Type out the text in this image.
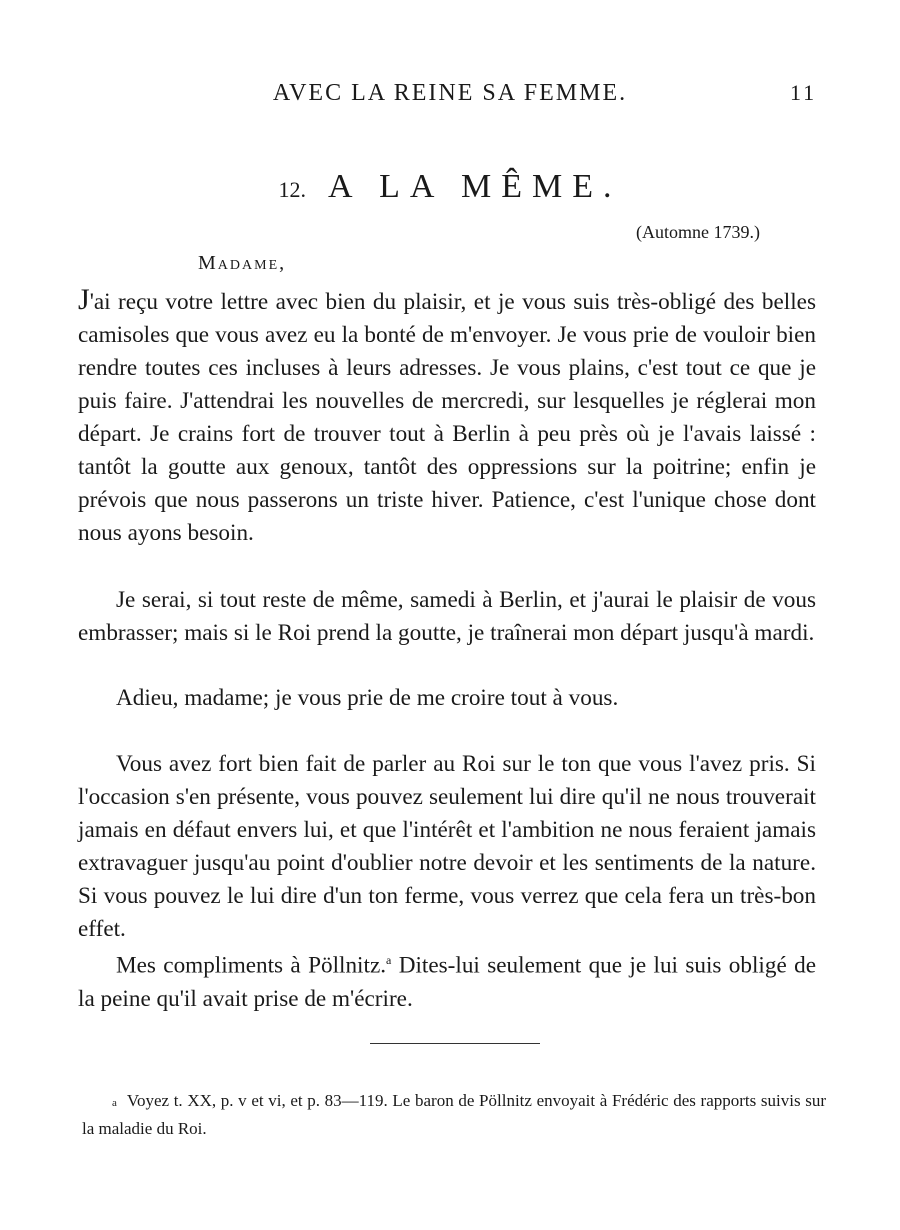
AVEC LA REINE SA FEMME.	11
12. A LA MÊME.
(Automne 1739.)
Madame,

J'ai reçu votre lettre avec bien du plaisir, et je vous suis très-obligé des belles camisoles que vous avez eu la bonté de m'envoyer. Je vous prie de vouloir bien rendre toutes ces incluses à leurs adresses. Je vous plains, c'est tout ce que je puis faire. J'attendrai les nouvelles de mercredi, sur lesquelles je réglerai mon départ. Je crains fort de trouver tout à Berlin à peu près où je l'avais laissé : tantôt la goutte aux genoux, tantôt des oppressions sur la poitrine; enfin je prévois que nous passerons un triste hiver. Patience, c'est l'unique chose dont nous ayons besoin.

Je serai, si tout reste de même, samedi à Berlin, et j'aurai le plaisir de vous embrasser; mais si le Roi prend la goutte, je traînerai mon départ jusqu'à mardi.

Adieu, madame; je vous prie de me croire tout à vous.

Vous avez fort bien fait de parler au Roi sur le ton que vous l'avez pris. Si l'occasion s'en présente, vous pouvez seulement lui dire qu'il ne nous trouverait jamais en défaut envers lui, et que l'intérêt et l'ambition ne nous feraient jamais extravaguer jusqu'au point d'oublier notre devoir et les sentiments de la nature. Si vous pouvez le lui dire d'un ton ferme, vous verrez que cela fera un très-bon effet.

Mes compliments à Pöllnitz.$^a$ Dites-lui seulement que je lui suis obligé de la peine qu'il avait prise de m'écrire.

a Voyez t. XX, p. v et vi, et p. 83—119. Le baron de Pöllnitz envoyait à Frédéric des rapports suivis sur la maladie du Roi.
